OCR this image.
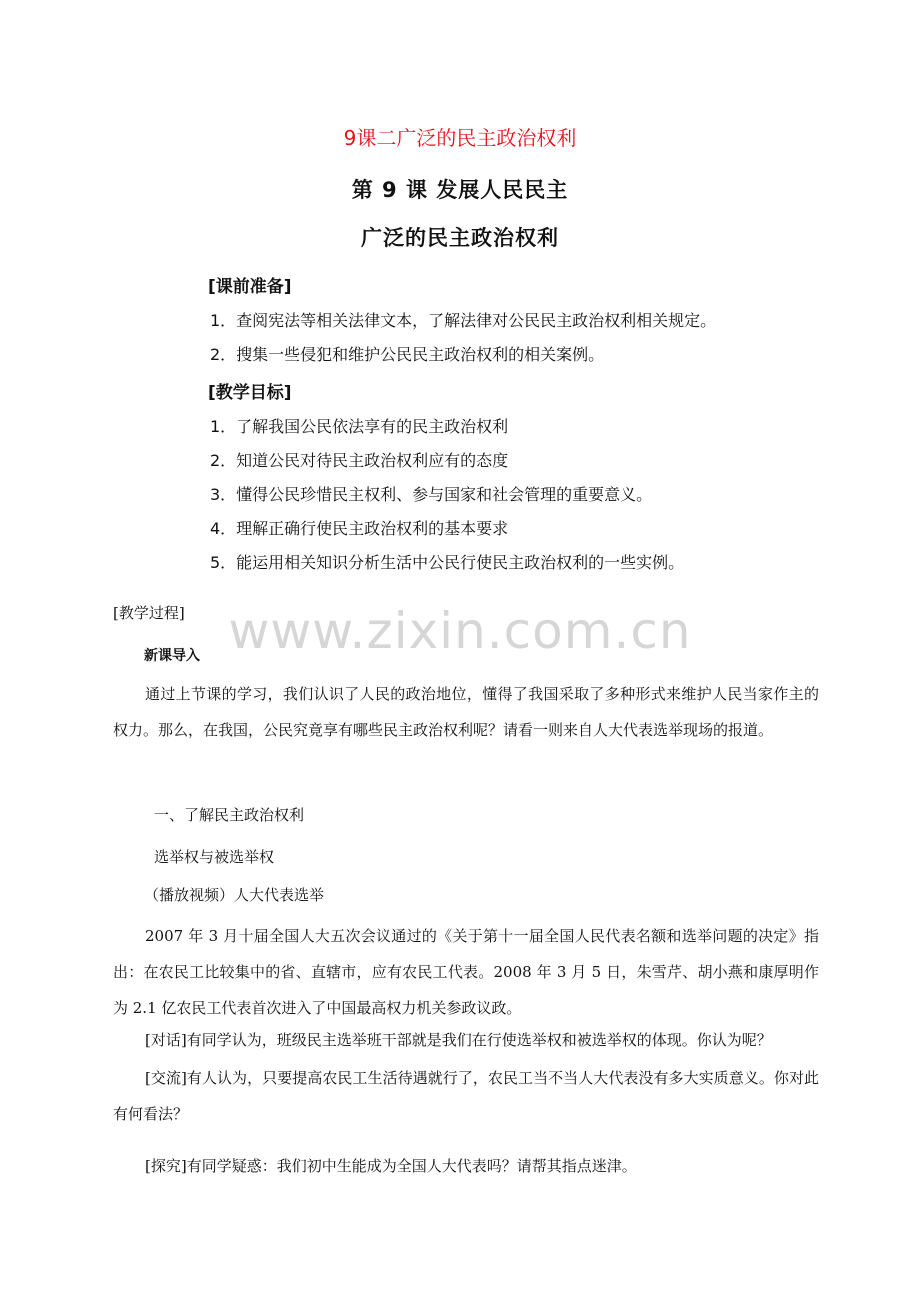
9课二广泛的民主政治权利
第 9 课 发展人民民主
广泛的民主政治权利
[课前准备]
1．查阅宪法等相关法律文本，了解法律对公民民主政治权利相关规定。
2．搜集一些侵犯和维护公民民主政治权利的相关案例。
[教学目标]
1．了解我国公民依法享有的民主政治权利
2．知道公民对待民主政治权利应有的态度
3．懂得公民珍惜民主权利、参与国家和社会管理的重要意义。
4．理解正确行使民主政治权利的基本要求
5．能运用相关知识分析生活中公民行使民主政治权利的一些实例。
www.zixin.com.cn
[教学过程]
新课导入
通过上节课的学习，我们认识了人民的政治地位，懂得了我国采取了多种形式来维护人民当家作主的权力。那么，在我国，公民究竟享有哪些民主政治权利呢？请看一则来自人大代表选举现场的报道。
一、了解民主政治权利
选举权与被选举权
（播放视频）人大代表选举
2007 年 3 月十届全国人大五次会议通过的《关于第十一届全国人民代表名额和选举问题的决定》指出：在农民工比较集中的省、直辖市，应有农民工代表。2008 年 3 月 5 日，朱雪芹、胡小燕和康厚明作为 2.1 亿农民工代表首次进入了中国最高权力机关参政议政。
[对话]有同学认为，班级民主选举班干部就是我们在行使选举权和被选举权的体现。你认为呢？
[交流]有人认为，只要提高农民工生活待遇就行了，农民工当不当人大代表没有多大实质意义。你对此有何看法？
[探究]有同学疑惑：我们初中生能成为全国人大代表吗？请帮其指点迷津。
